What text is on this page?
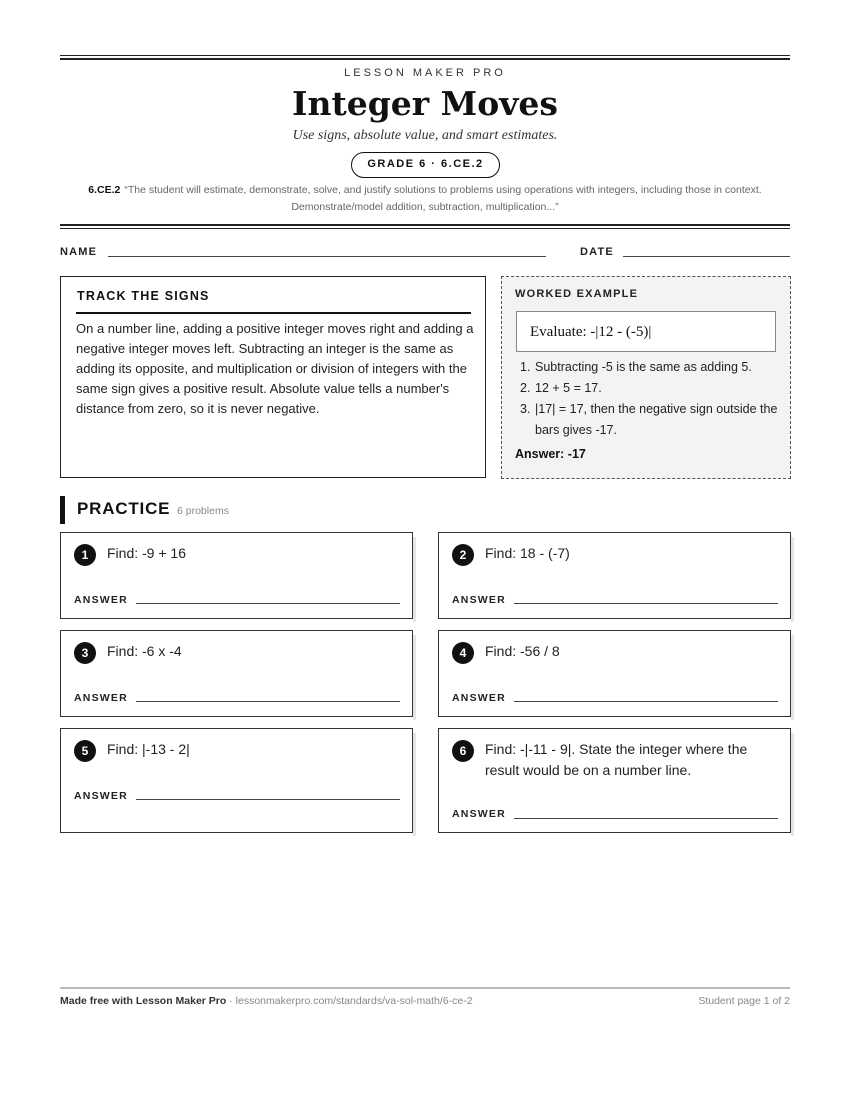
LESSON MAKER PRO
Integer Moves
Use signs, absolute value, and smart estimates.
GRADE 6 · 6.CE.2
6.CE.2 “The student will estimate, demonstrate, solve, and justify solutions to problems using operations with integers, including those in context. Demonstrate/model addition, subtraction, multiplication...”
NAME	DATE
TRACK THE SIGNS
On a number line, adding a positive integer moves right and adding a negative integer moves left. Subtracting an integer is the same as adding its opposite, and multiplication or division of integers with the same sign gives a positive result. Absolute value tells a number's distance from zero, so it is never negative.
WORKED EXAMPLE
Evaluate: -|12 - (-5)|
1. Subtracting -5 is the same as adding 5.
2. 12 + 5 = 17.
3. |17| = 17, then the negative sign outside the bars gives -17.
Answer: -17
PRACTICE 6 problems
1	Find: -9 + 16
ANSWER
2	Find: 18 - (-7)
ANSWER
3	Find: -6 x -4
ANSWER
4	Find: -56 / 8
ANSWER
5	Find: |-13 - 2|
ANSWER
6	Find: -|-11 - 9|. State the integer where the result would be on a number line.
ANSWER
Made free with Lesson Maker Pro · lessonmakerpro.com/standards/va-sol-math/6-ce-2	Student page 1 of 2
